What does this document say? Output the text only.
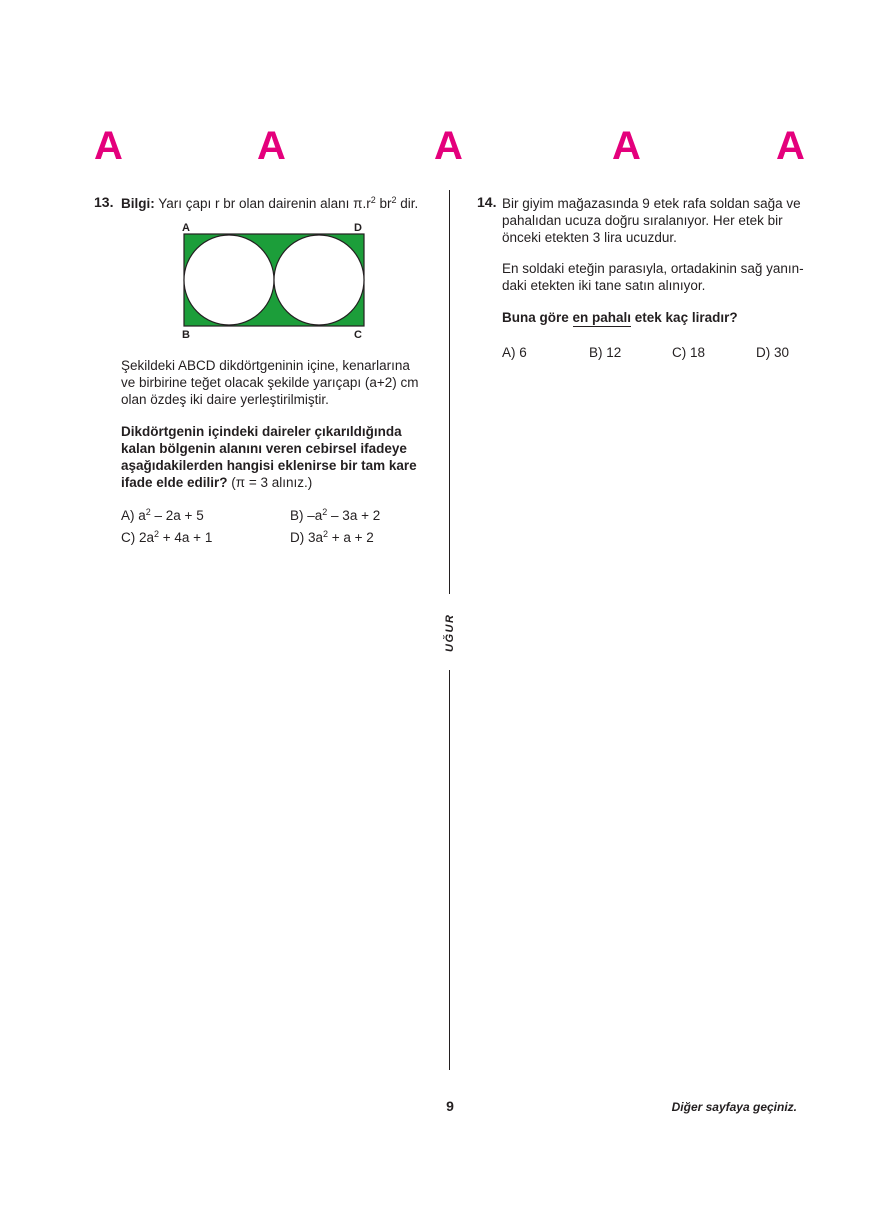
A	A	A	A	A
13. Bilgi: Yarı çapı r br olan dairenin alanı $\pi.r^2$ $br^2$ dir.
A	D
B	C

Şekildeki ABCD dikdörtgeninin içine, kenarlarına

ve birbirine teğet olacak şekilde yarıçapı (a+2) cm

olan özdeş iki daire yerleştirilmiştir.

Dikdörtgenin içindeki daireler çıkarıldığında

kalan bölgenin alanını veren cebirsel ifadeye

aşağıdakilerden hangisi eklenirse bir tam kare

ifade elde edilir? (π = 3 alınız.)

A) $a^2 - 2a + 5$	B) $-a^2 - 3a + 2$
C) $2a^2 + 4a + 1$	D) $3a^2 + a + 2$
UĞUR
14. Bir giyim mağazasında 9 etek rafa soldan sağa ve

pahalıdan ucuza doğru sıralanıyor. Her etek bir

önceki etekten 3 lira ucuzdur.

En soldaki eteğin parasıyla, ortadakinin sağ yanın-

daki etekten iki tane satın alınıyor.

Buna göre en pahalı etek kaç liradır?
A) 6	B) 12	C) 18	D) 30
9	Diğer sayfaya geçiniz.
